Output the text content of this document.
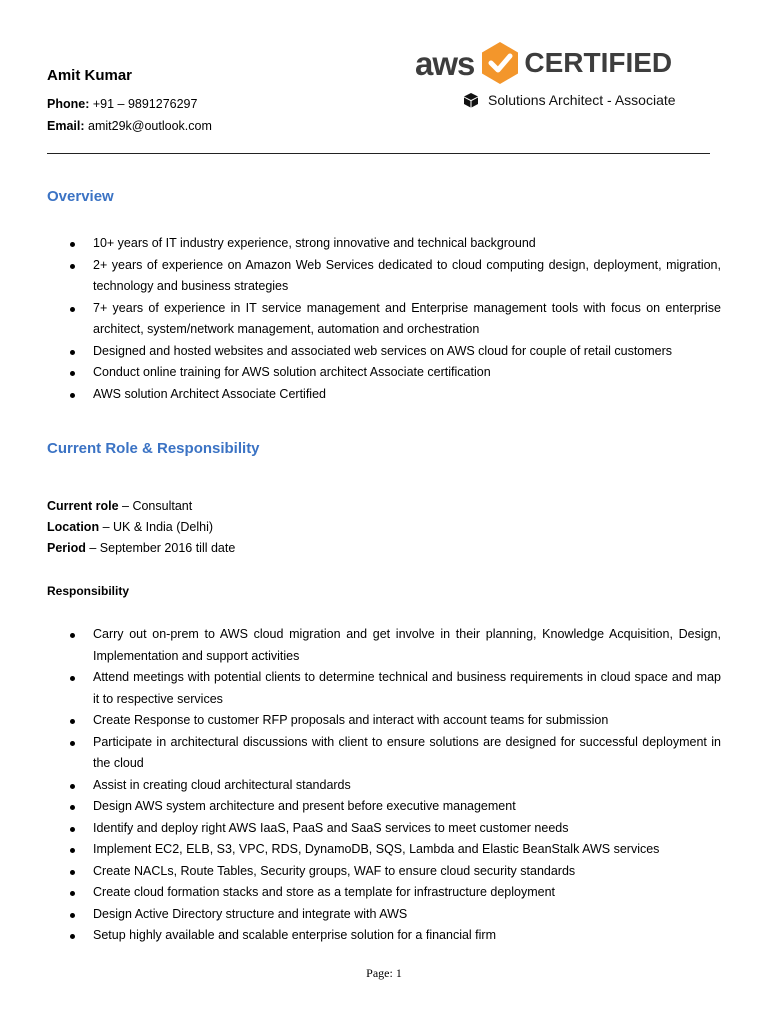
Amit Kumar
Phone: +91 – 9891276297
Email: amit29k@outlook.com
aws CERTIFIED
Solutions Architect - Associate
Overview
10+ years of IT industry experience, strong innovative and technical background
2+ years of experience on Amazon Web Services dedicated to cloud computing design, deployment, migration, technology and business strategies
7+ years of experience in IT service management and Enterprise management tools with focus on enterprise architect, system/network management, automation and orchestration
Designed and hosted websites and associated web services on AWS cloud for couple of retail customers
Conduct online training for AWS solution architect Associate certification
AWS solution Architect Associate Certified
Current Role & Responsibility
Current role – Consultant
Location – UK & India (Delhi)
Period – September 2016 till date
Responsibility
Carry out on-prem to AWS cloud migration and get involve in their planning, Knowledge Acquisition, Design, Implementation and support activities
Attend meetings with potential clients to determine technical and business requirements in cloud space and map it to respective services
Create Response to customer RFP proposals and interact with account teams for submission
Participate in architectural discussions with client to ensure solutions are designed for successful deployment in the cloud
Assist in creating cloud architectural standards
Design AWS system architecture and present before executive management
Identify and deploy right AWS IaaS, PaaS and SaaS services to meet customer needs
Implement EC2, ELB, S3, VPC, RDS, DynamoDB, SQS, Lambda and Elastic BeanStalk AWS services
Create NACLs, Route Tables, Security groups, WAF to ensure cloud security standards
Create cloud formation stacks and store as a template for infrastructure deployment
Design Active Directory structure and integrate with AWS
Setup highly available and scalable enterprise solution for a financial firm
Page: 1
